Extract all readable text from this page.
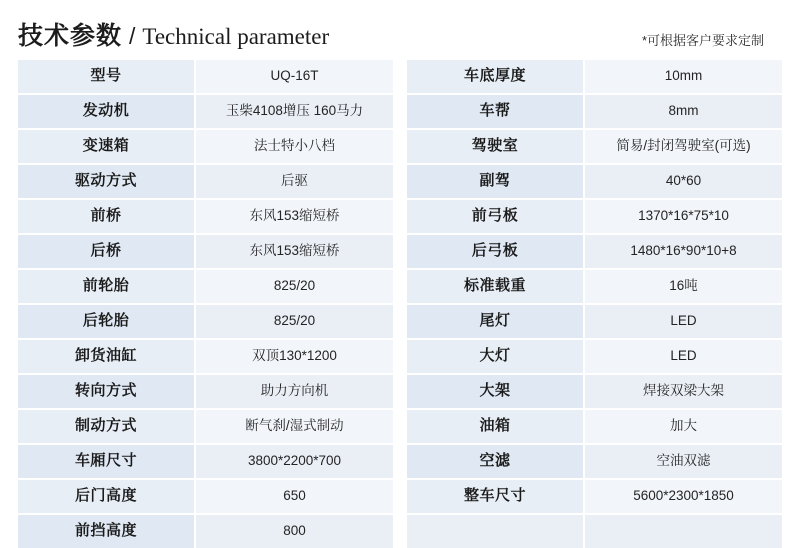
技术参数 / Technical parameter	*可根据客户要求定制
型号	UQ-16T
发动机	玉柴4108增压 160马力
变速箱	法士特小八档
驱动方式	后驱
前桥	东风153缩短桥
后桥	东风153缩短桥
前轮胎	825/20
后轮胎	825/20
卸货油缸	双顶130*1200
转向方式	助力方向机
制动方式	断气刹/湿式制动
车厢尺寸	3800*2200*700
后门高度	650
前挡高度	800
车底厚度	10mm
车帮	8mm
驾驶室	简易/封闭驾驶室(可选)
副驾	40*60
前弓板	1370*16*75*10
后弓板	1480*16*90*10+8
标准载重	16吨
尾灯	LED
大灯	LED
大架	焊接双梁大架
油箱	加大
空滤	空油双滤
整车尺寸	5600*2300*1850
